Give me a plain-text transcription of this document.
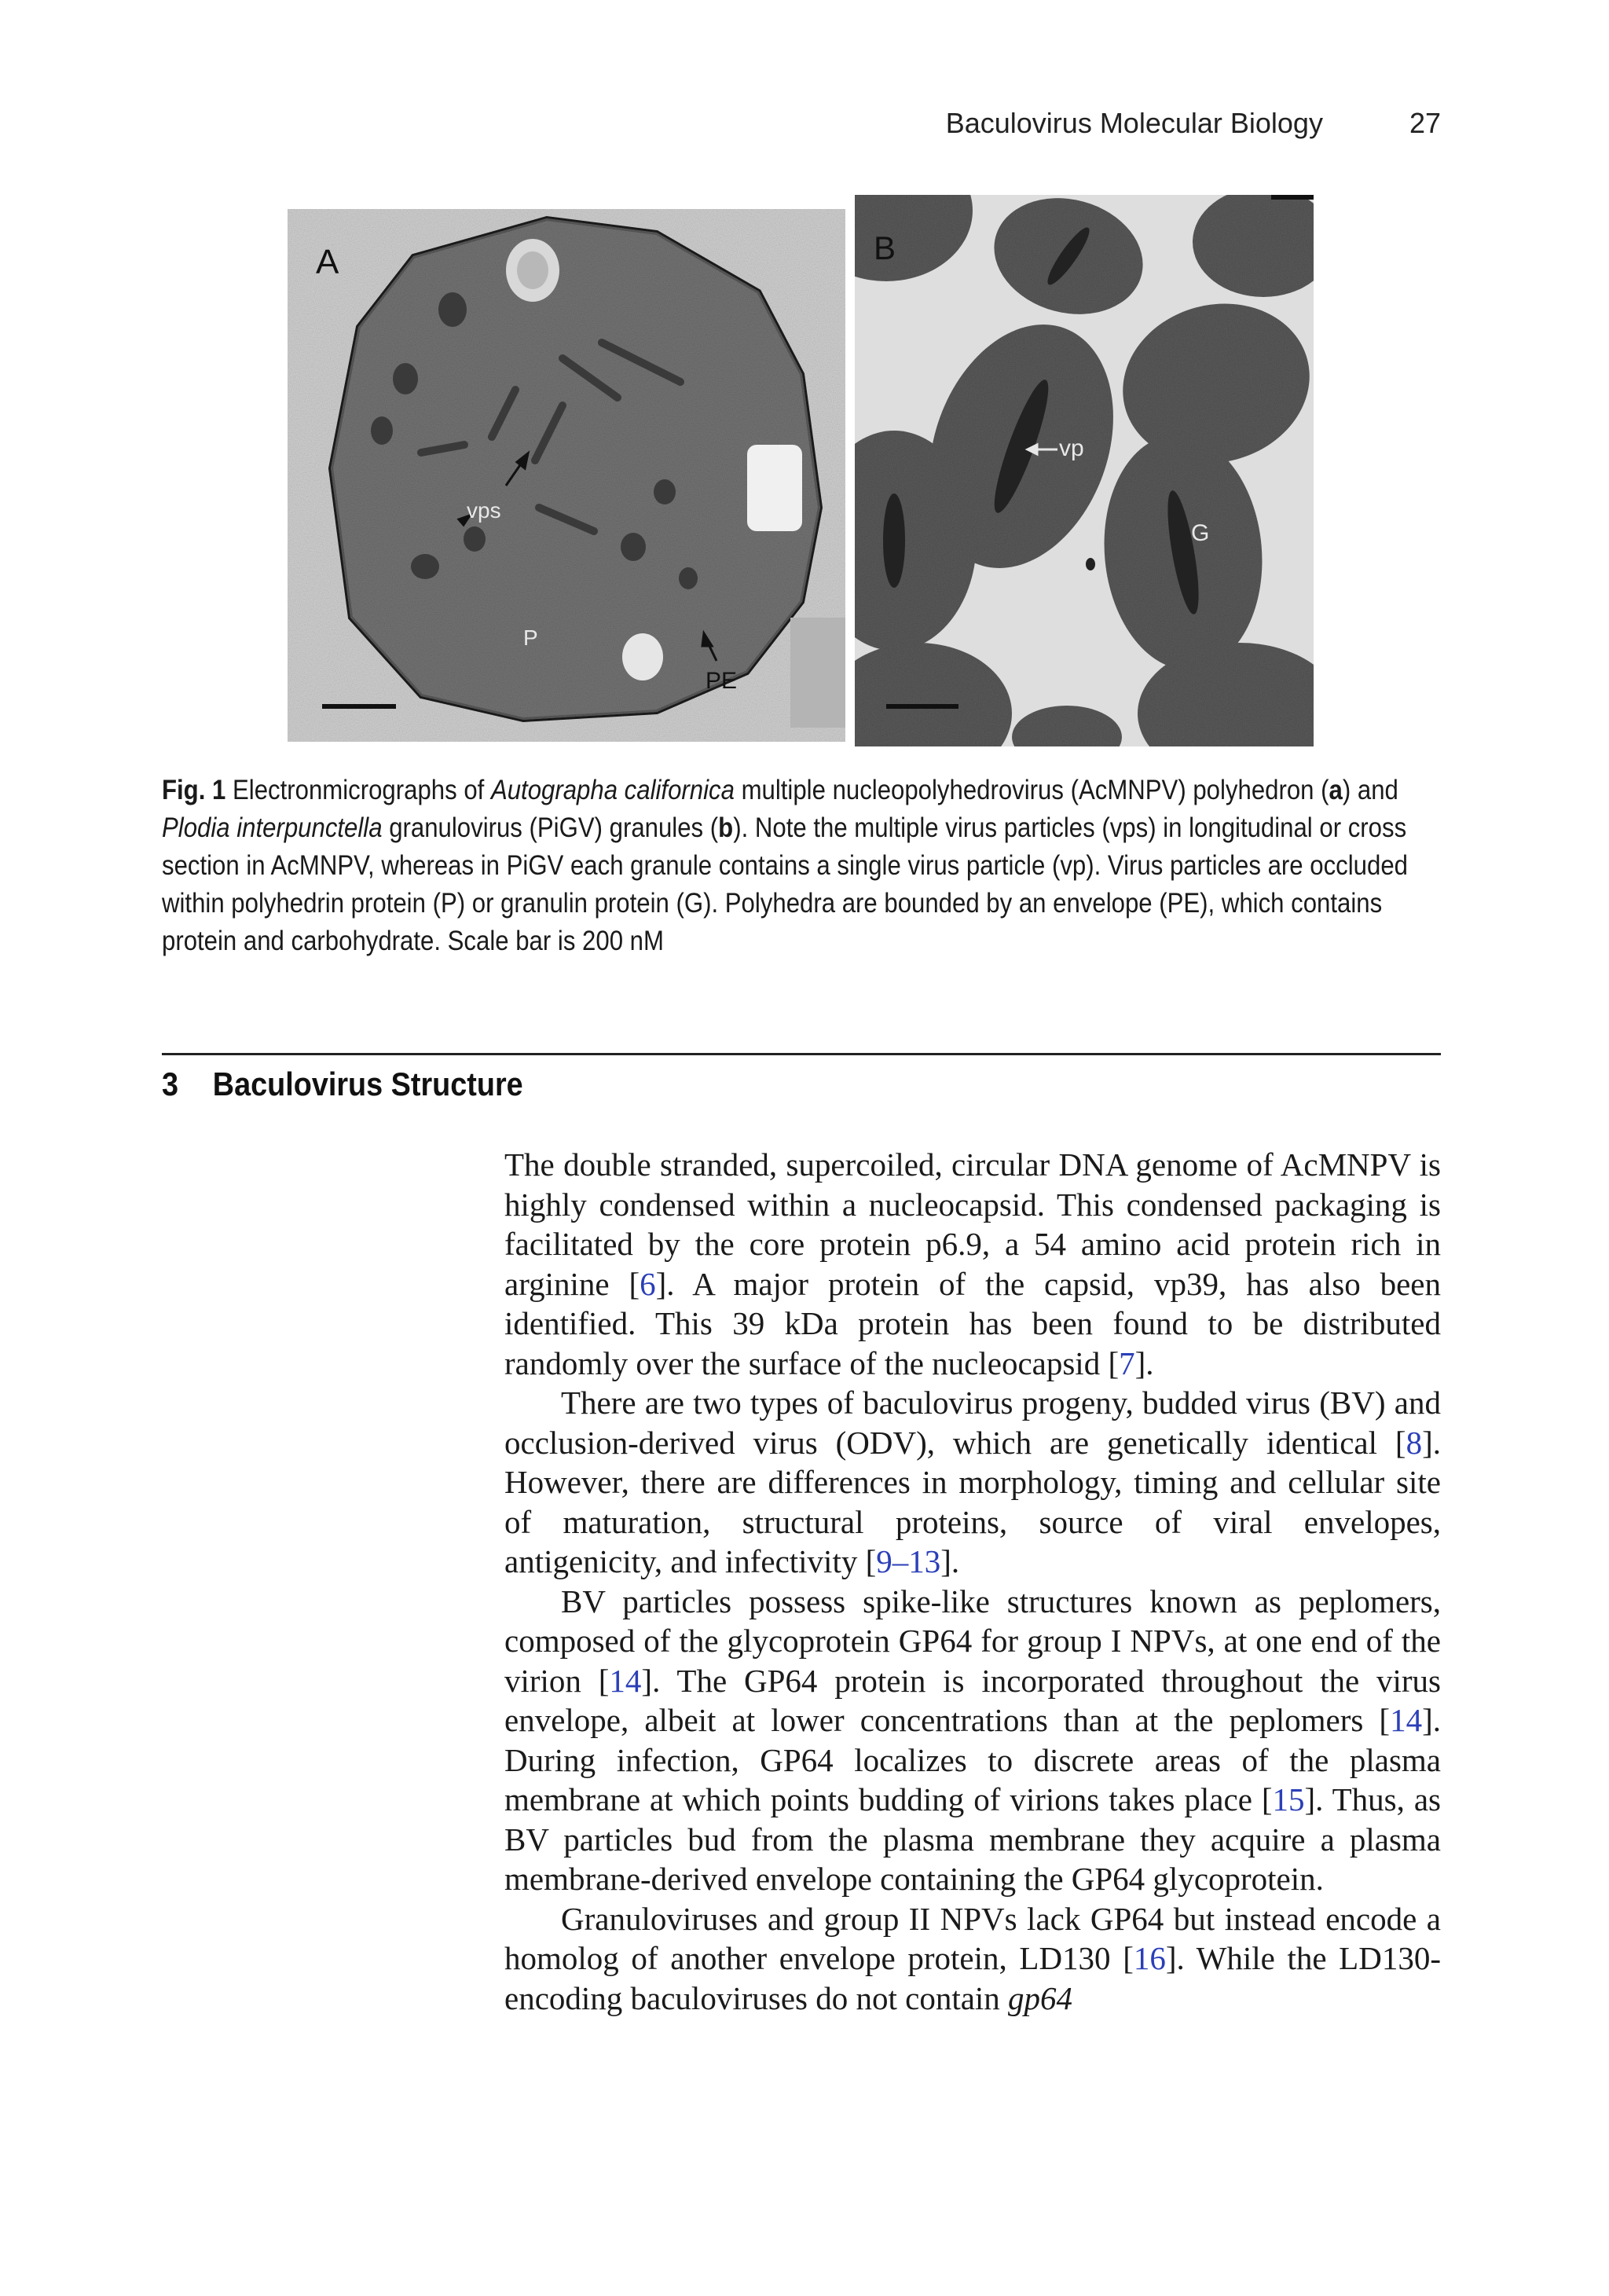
Baculovirus Molecular Biology	27
A
vps
P
PE
B
vp
G
Fig. 1 Electronmicrographs of Autographa californica multiple nucleopolyhedrovirus (AcMNPV) polyhedron (a) and Plodia interpunctella granulovirus (PiGV) granules (b). Note the multiple virus particles (vps) in longitudinal or cross section in AcMNPV, whereas in PiGV each granule contains a single virus particle (vp). Virus particles are occluded within polyhedrin protein (P) or granulin protein (G). Polyhedra are bounded by an envelope (PE), which contains protein and carbohydrate. Scale bar is 200 nM
3 Baculovirus Structure

The double stranded, supercoiled, circular DNA genome of AcMNPV is highly condensed within a nucleocapsid. This condensed packaging is facilitated by the core protein p6.9, a 54 amino acid protein rich in arginine [6]. A major protein of the capsid, vp39, has also been identified. This 39 kDa protein has been found to be distributed randomly over the surface of the nucleocapsid [7].

There are two types of baculovirus progeny, budded virus (BV) and occlusion-derived virus (ODV), which are genetically identical [8]. However, there are differences in morphology, timing and cellular site of maturation, structural proteins, source of viral envelopes, antigenicity, and infectivity [9–13].

BV particles possess spike-like structures known as peplomers, composed of the glycoprotein GP64 for group I NPVs, at one end of the virion [14]. The GP64 protein is incorporated throughout the virus envelope, albeit at lower concentrations than at the peplomers [14]. During infection, GP64 localizes to discrete areas of the plasma membrane at which points budding of virions takes place [15]. Thus, as BV particles bud from the plasma membrane they acquire a plasma membrane-derived envelope containing the GP64 glycoprotein.

Granuloviruses and group II NPVs lack GP64 but instead encode a homolog of another envelope protein, LD130 [16]. While the LD130-encoding baculoviruses do not contain gp64
